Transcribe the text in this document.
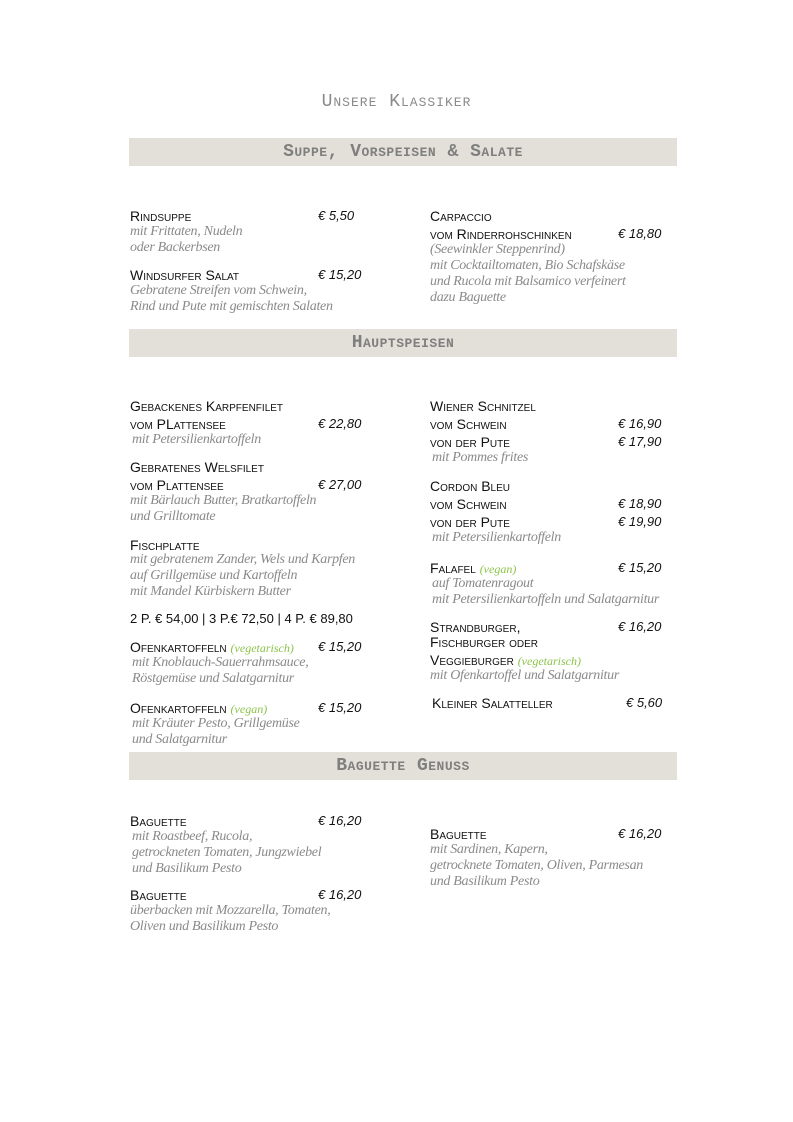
Unsere Klassiker
Suppe, Vorspeisen & Salate
Rindsuppe	€ 5,50
mit Frittaten, Nudeln
oder Backerbsen
Windsurfer Salat	€ 15,20
Gebratene Streifen vom Schwein,
Rind und Pute mit gemischten Salaten
Carpaccio
vom Rinderrohschinken	€ 18,80
(Seewinkler Steppenrind)
mit Cocktailtomaten, Bio Schafskäse
und Rucola mit Balsamico verfeinert
dazu Baguette
Hauptspeisen
Gebackenes Karpfenfilet
vom PLattensee	€ 22,80
mit Petersilienkartoffeln
Gebratenes Welsfilet
vom Plattensee	€ 27,00
mit Bärlauch Butter, Bratkartoffeln
und Grilltomate
Fischplatte
mit gebratenem Zander, Wels und Karpfen
auf Grillgemüse und Kartoffeln
mit Mandel Kürbiskern Butter
2 P. € 54,00 | 3 P.€ 72,50 | 4 P. € 89,80
Ofenkartoffeln (vegetarisch) € 15,20
mit Knoblauch-Sauerrahmsauce,
Röstgemüse und Salatgarnitur
Ofenkartoffeln (vegan)	€ 15,20
mit Kräuter Pesto, Grillgemüse
und Salatgarnitur
Wiener Schnitzel
vom Schwein	€ 16,90
von der Pute	€ 17,90
mit Pommes frites
Cordon Bleu
vom Schwein	€ 18,90
von der Pute	€ 19,90
mit Petersilienkartoffeln
Falafel (vegan)	€ 15,20
auf Tomatenragout
mit Petersilienkartoffeln und Salatgarnitur
Strandburger,	€ 16,20
Fischburger oder
Veggieburger (vegetarisch)
mit Ofenkartoffel und Salatgarnitur
Kleiner Salatteller	€ 5,60
Baguette Genuss
Baguette	€ 16,20
mit Roastbeef, Rucola,
getrockneten Tomaten, Jungzwiebel
und Basilikum Pesto
Baguette	€ 16,20
überbacken mit Mozzarella, Tomaten,
Oliven und Basilikum Pesto
Baguette	€ 16,20
mit Sardinen, Kapern,
getrocknete Tomaten, Oliven, Parmesan
und Basilikum Pesto
